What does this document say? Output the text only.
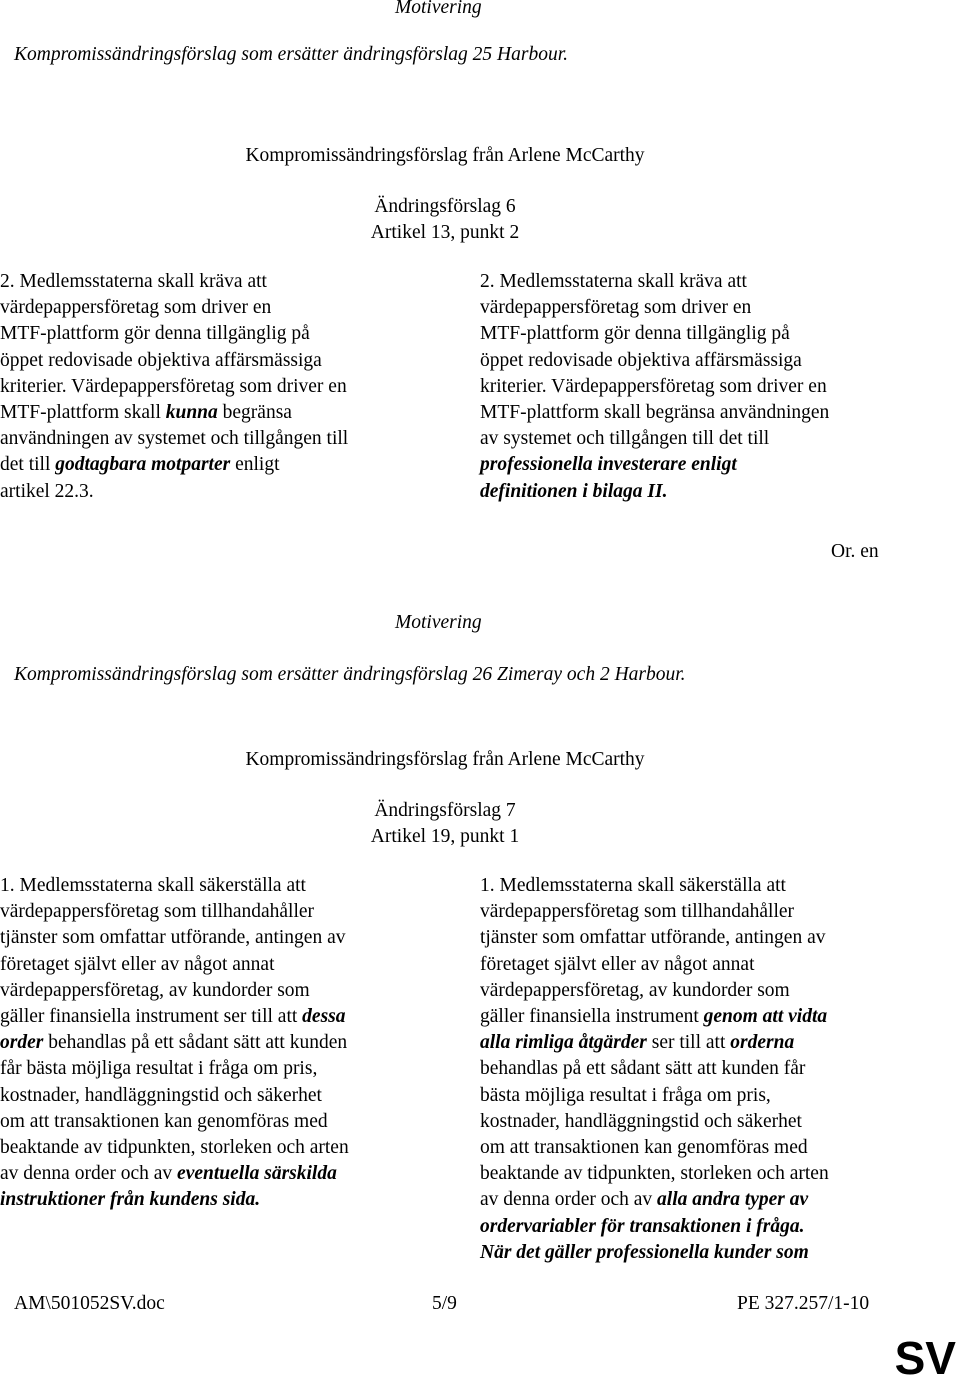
Motivering
Kompromissändringsförslag som ersätter ändringsförslag 25 Harbour.
Kompromissändringsförslag från Arlene McCarthy
Ändringsförslag 6
Artikel 13, punkt 2
2. Medlemsstaterna skall kräva att
värdepappersföretag som driver en
MTF-plattform gör denna tillgänglig på
öppet redovisade objektiva affärsmässiga
kriterier. Värdepappersföretag som driver en
MTF-plattform skall kunna begränsa
användningen av systemet och tillgången till
det till godtagbara motparter enligt
artikel 22.3.
2. Medlemsstaterna skall kräva att
värdepappersföretag som driver en
MTF-plattform gör denna tillgänglig på
öppet redovisade objektiva affärsmässiga
kriterier. Värdepappersföretag som driver en
MTF-plattform skall begränsa användningen
av systemet och tillgången till det till
professionella investerare enligt
definitionen i bilaga II.
Or. en
Motivering
Kompromissändringsförslag som ersätter ändringsförslag 26 Zimeray och 2 Harbour.
Kompromissändringsförslag från Arlene McCarthy
Ändringsförslag 7
Artikel 19, punkt 1
1. Medlemsstaterna skall säkerställa att
värdepappersföretag som tillhandahåller
tjänster som omfattar utförande, antingen av
företaget självt eller av något annat
värdepappersföretag, av kundorder som
gäller finansiella instrument ser till att dessa
order behandlas på ett sådant sätt att kunden
får bästa möjliga resultat i fråga om pris,
kostnader, handläggningstid och säkerhet
om att transaktionen kan genomföras med
beaktande av tidpunkten, storleken och arten
av denna order och av eventuella särskilda
instruktioner från kundens sida.
1. Medlemsstaterna skall säkerställa att
värdepappersföretag som tillhandahåller
tjänster som omfattar utförande, antingen av
företaget självt eller av något annat
värdepappersföretag, av kundorder som
gäller finansiella instrument genom att vidta
alla rimliga åtgärder ser till att orderna
behandlas på ett sådant sätt att kunden får
bästa möjliga resultat i fråga om pris,
kostnader, handläggningstid och säkerhet
om att transaktionen kan genomföras med
beaktande av tidpunkten, storleken och arten
av denna order och av alla andra typer av
ordervariabler för transaktionen i fråga.
När det gäller professionella kunder som
AM\501052SV.doc	5/9	PE 327.257/1-10
SV
